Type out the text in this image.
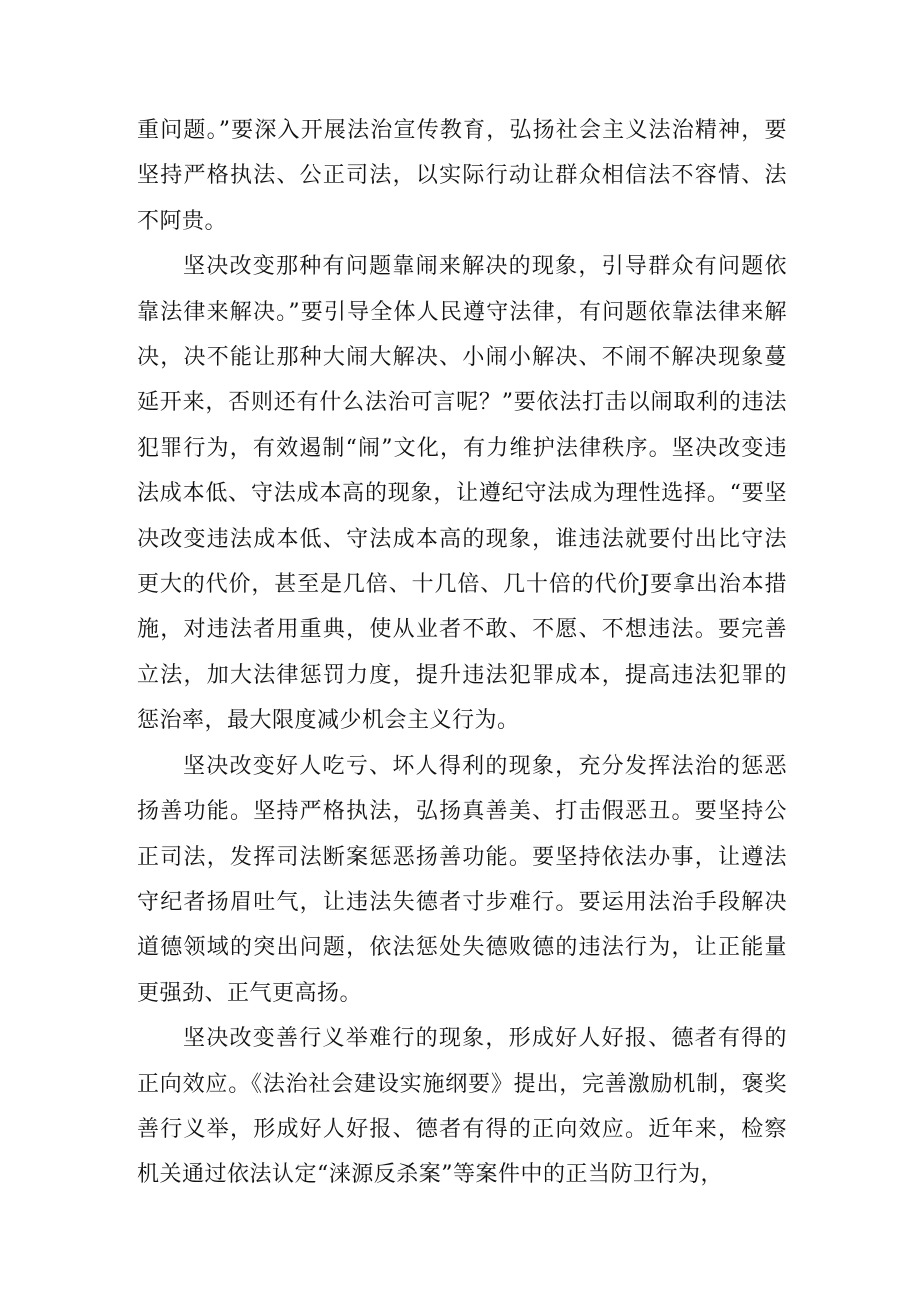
重问题。”要深入开展法治宣传教育，弘扬社会主义法治精神，要坚持严格执法、公正司法，以实际行动让群众相信法不容情、法不阿贵。

坚决改变那种有问题靠闹来解决的现象，引导群众有问题依靠法律来解决。”要引导全体人民遵守法律，有问题依靠法律来解决，决不能让那种大闹大解决、小闹小解决、不闹不解决现象蔓延开来，否则还有什么法治可言呢？”要依法打击以闹取利的违法犯罪行为，有效遏制“闹”文化，有力维护法律秩序。坚决改变违法成本低、守法成本高的现象，让遵纪守法成为理性选择。“要坚决改变违法成本低、守法成本高的现象，谁违法就要付出比守法更大的代价，甚至是几倍、十几倍、几十倍的代价J要拿出治本措施，对违法者用重典，使从业者不敢、不愿、不想违法。要完善立法，加大法律惩罚力度，提升违法犯罪成本，提高违法犯罪的惩治率，最大限度减少机会主义行为。

坚决改变好人吃亏、坏人得利的现象，充分发挥法治的惩恶扬善功能。坚持严格执法，弘扬真善美、打击假恶丑。要坚持公正司法，发挥司法断案惩恶扬善功能。要坚持依法办事，让遵法守纪者扬眉吐气，让违法失德者寸步难行。要运用法治手段解决道德领域的突出问题，依法惩处失德败德的违法行为，让正能量更强劲、正气更高扬。

坚决改变善行义举难行的现象，形成好人好报、德者有得的正向效应。《法治社会建设实施纲要》提出，完善激励机制，褒奖善行义举，形成好人好报、德者有得的正向效应。近年来，检察机关通过依法认定“涞源反杀案”等案件中的正当防卫行为，
